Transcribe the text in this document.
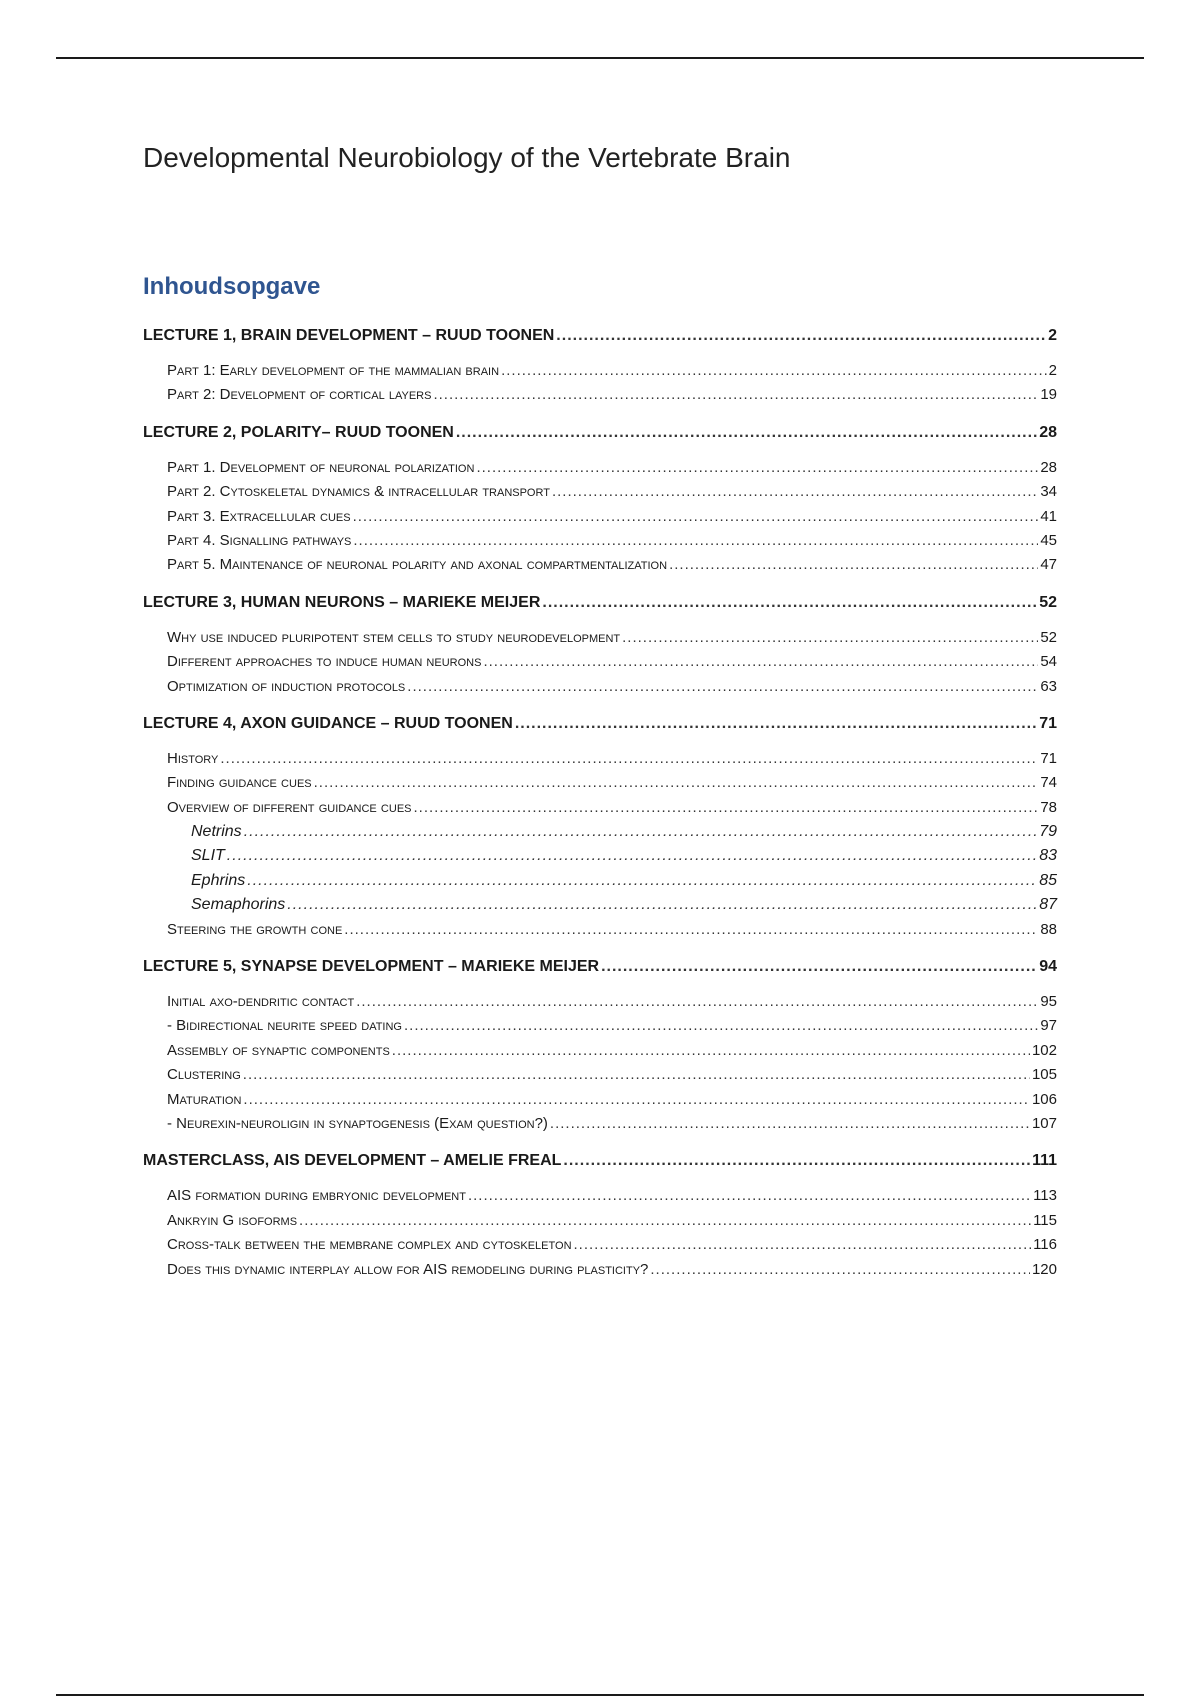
Developmental Neurobiology of the Vertebrate Brain
Inhoudsopgave
LECTURE 1, BRAIN DEVELOPMENT – RUUD TOONEN .....	2
Part 1: Early development of the mammalian brain .....	2
Part 2: Development of cortical layers .....	19
LECTURE 2, POLARITY– RUUD TOONEN .....	28
Part 1. Development of neuronal polarization .....	28
Part 2. Cytoskeletal dynamics & intracellular transport .....	34
Part 3. Extracellular cues .....	41
Part 4. Signalling pathways .....	45
Part 5. Maintenance of neuronal polarity and axonal compartmentalization .....	47
LECTURE 3, HUMAN NEURONS – MARIEKE MEIJER .....	52
Why use induced pluripotent stem cells to study neurodevelopment .....	52
Different approaches to induce human neurons .....	54
Optimization of induction protocols .....	63
LECTURE 4, AXON GUIDANCE – RUUD TOONEN .....	71
History .....	71
Finding guidance cues .....	74
Overview of different guidance cues .....	78
Netrins .....	79
SLIT .....	83
Ephrins .....	85
Semaphorins .....	87
Steering the growth cone .....	88
LECTURE 5, SYNAPSE DEVELOPMENT – MARIEKE MEIJER .....	94
Initial axo-dendritic contact .....	95
- Bidirectional neurite speed dating .....	97
Assembly of synaptic components .....	102
Clustering .....	105
Maturation .....	106
- Neurexin-neuroligin in synaptogenesis (Exam question?) .....	107
MASTERCLASS, AIS DEVELOPMENT – AMELIE FREAL .....	111
AIS formation during embryonic development .....	113
Ankryin G isoforms .....	115
Cross-talk between the membrane complex and cytoskeleton .....	116
Does this dynamic interplay allow for AIS remodeling during plasticity? .....	120
